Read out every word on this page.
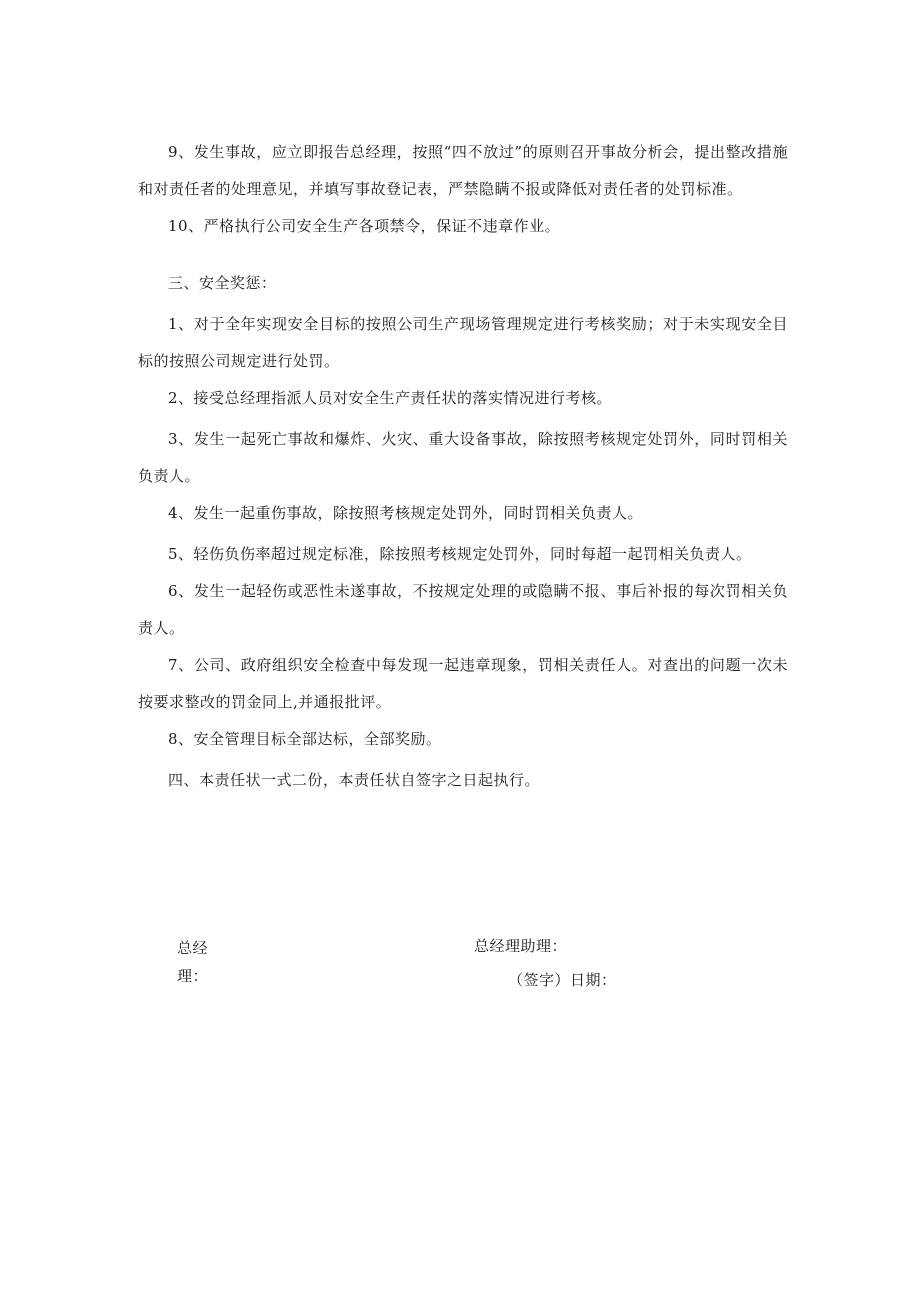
9、发生事故，应立即报告总经理，按照“四不放过”的原则召开事故分析会，提出整改措施和对责任者的处理意见，并填写事故登记表，严禁隐瞒不报或降低对责任者的处罚标准。

10、严格执行公司安全生产各项禁令，保证不违章作业。

三、安全奖惩：

1、对于全年实现安全目标的按照公司生产现场管理规定进行考核奖励；对于未实现安全目标的按照公司规定进行处罚。

2、接受总经理指派人员对安全生产责任状的落实情况进行考核。

3、发生一起死亡事故和爆炸、火灾、重大设备事故，除按照考核规定处罚外，同时罚相关负责人。

4、发生一起重伤事故，除按照考核规定处罚外，同时罚相关负责人。

5、轻伤负伤率超过规定标准，除按照考核规定处罚外，同时每超一起罚相关负责人。

6、发生一起轻伤或恶性未遂事故，不按规定处理的或隐瞒不报、事后补报的每次罚相关负责人。

7、公司、政府组织安全检查中每发现一起违章现象，罚相关责任人。对查出的问题一次未按要求整改的罚金同上,并通报批评。

8、安全管理目标全部达标，全部奖励。

四、本责任状一式二份，本责任状自签字之日起执行。

总经理：
总经理助理：
（签字）日期：
